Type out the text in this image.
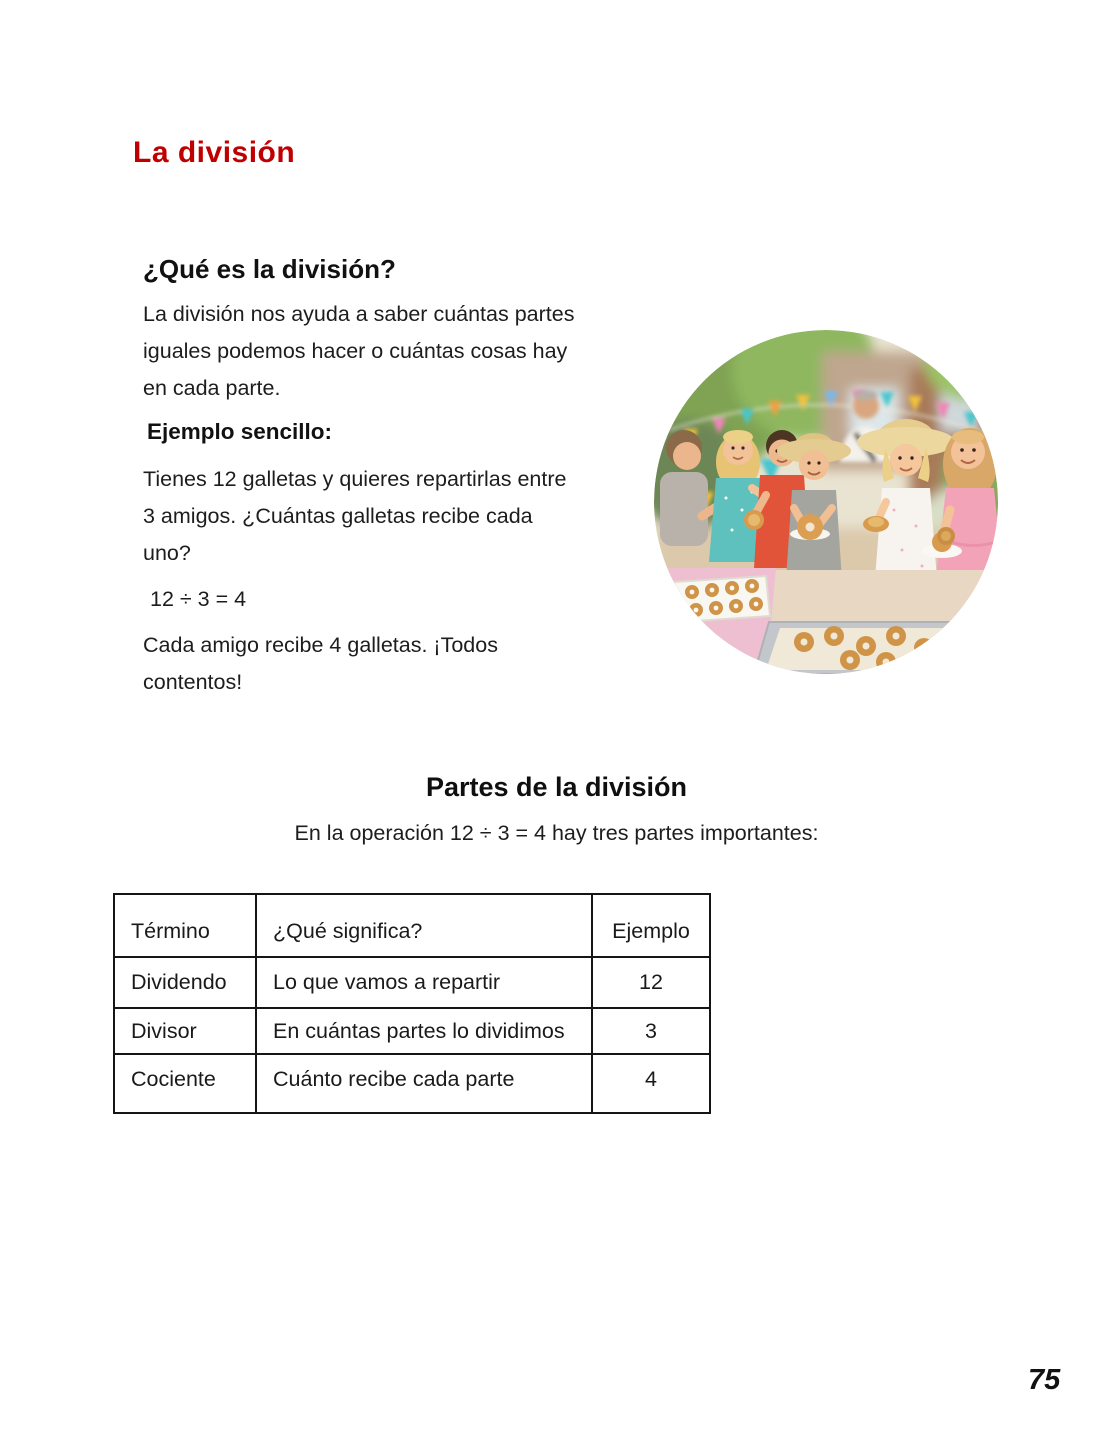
La división
¿Qué es la división?
La división nos ayuda a saber cuántas partes
iguales podemos hacer o cuántas cosas hay
en cada parte.
Ejemplo sencillo:
Tienes 12 galletas y quieres repartirlas entre
3 amigos. ¿Cuántas galletas recibe cada
uno?
12 ÷ 3 = 4
Cada amigo recibe 4 galletas. ¡Todos
contentos!
Partes de la división
En la operación 12 ÷ 3 = 4 hay tres partes importantes:
Término	¿Qué significa?	Ejemplo
Dividendo	Lo que vamos a repartir	12
Divisor	En cuántas partes lo dividimos	3
Cociente	Cuánto recibe cada parte	4
75
